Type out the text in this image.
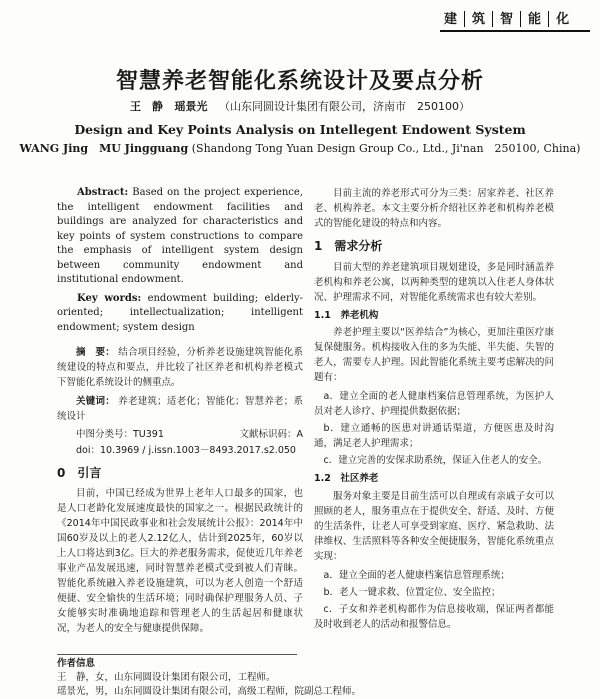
建	筑	智	能	化
智慧养老智能化系统设计及要点分析
王　静 瑶景光 （山东同圆设计集团有限公司，济南市　250100）
Design and Key Points Analysis on Intellegent Endowent System
WANG Jing　MU Jingguang (Shandong Tong Yuan Design Group Co., Ltd., Ji'nan　250100, China)

Abstract: Based on the project experience, the intelligent endowment facilities and buildings are analyzed for characteristics and key points of system constructions to compare the emphasis of intelligent system design between community endowment and institutional endowment.

Key words: endowment building; elderly-oriented; intellectualization; intelligent endowment; system design

摘　要： 结合项目经验，分析养老设施建筑智能化系统建设的特点和要点，并比较了社区养老和机构养老模式下智能化系统设计的侧重点。

关键词： 养老建筑；适老化；智能化；智慧养老；系统设计

中图分类号：TU391	文献标识码：A
doi：10.3969 / j.issn.1003－8493.2017.s2.050
0　引言

目前，中国已经成为世界上老年人口最多的国家，也是人口老龄化发展速度最快的国家之一。根据民政统计的《2014年中国民政事业和社会发展统计公报》：2014年中国60岁及以上的老人2.12亿人，估计到2025年，60岁以上人口将达到3亿。巨大的养老服务需求，促使近几年养老事业产品发展迅速，同时智慧养老模式受到被人们青睐。智能化系统融入养老设施建筑，可以为老人创造一个舒适便捷、安全愉快的生活环境；同时确保护理服务人员、子女能够实时准确地追踪和管理老人的生活起居和健康状况，为老人的安全与健康提供保障。

目前主流的养老形式可分为三类：居家养老、社区养老、机构养老。本文主要分析介绍社区养老和机构养老模式的智能化建设的特点和内容。

1　需求分析

目前大型的养老建筑项目规划建设，多是同时涵盖养老机构和养老公寓，以两种类型的建筑以入住老人身体状况、护理需求不同，对智能化系统需求也有较大差别。

1.1　养老机构

养老护理主要以“医养结合”为核心，更加注重医疗康复保健服务。机构接收入住的多为失能、半失能、失智的老人，需要专人护理。因此智能化系统主要考虑解决的问题有：

a．建立全面的老人健康档案信息管理系统，为医护人员对老人诊疗、护理提供数据依据；

b．建立通畅的医患对讲通话渠道，方便医患及时沟通，满足老人护理需求；

c．建立完善的安保求助系统，保证入住老人的安全。

1.2　社区养老

服务对象主要是目前生活可以自理或有亲戚子女可以照顾的老人，服务重点在于提供安全、舒适、及时、方便的生活条件，让老人可享受到家庭、医疗、紧急救助、法律维权、生活照料等各种安全便捷服务，智能化系统重点实现：

a．建立全面的老人健康档案信息管理系统；

b．老人一键求救、位置定位、安全监控；

c．子女和养老机构都作为信息接收端，保证两者都能及时收到老人的活动和报警信息。

作者信息
王　静，女，山东同圆设计集团有限公司，工程师。
瑶景光，男，山东同圆设计集团有限公司，高级工程师，院副总工程师。
